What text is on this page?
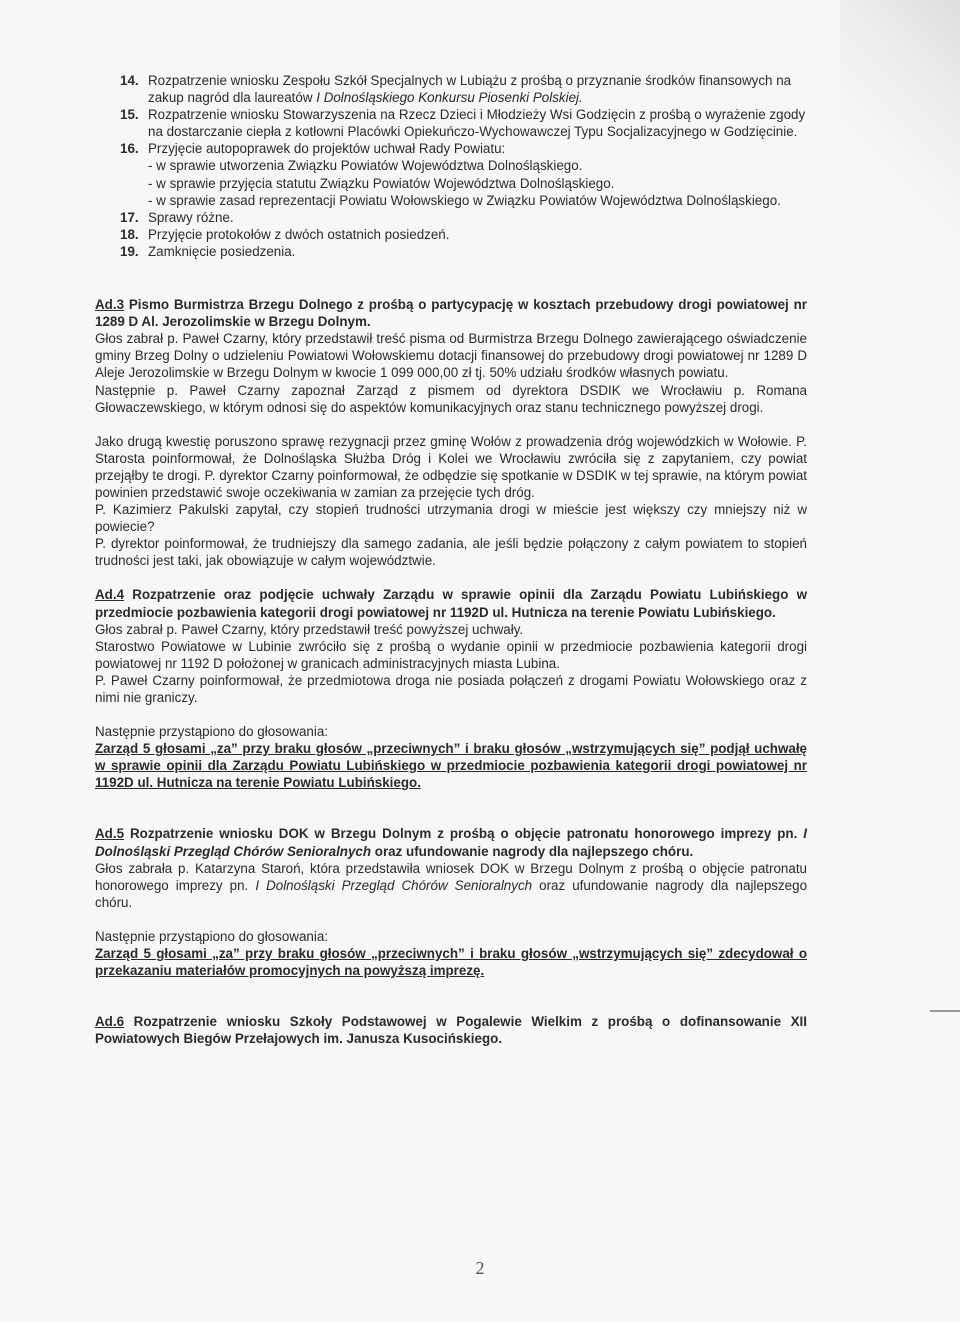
14. Rozpatrzenie wniosku Zespołu Szkół Specjalnych w Lubiążu z prośbą o przyznanie środków finansowych na zakup nagród dla laureatów I Dolnośląskiego Konkursu Piosenki Polskiej.
15. Rozpatrzenie wniosku Stowarzyszenia na Rzecz Dzieci i Młodzieży Wsi Godzięcin z prośbą o wyrażenie zgody na dostarczanie ciepła z kotłowni Placówki Opiekuńczo-Wychowawczej Typu Socjalizacyjnego w Godzięcinie.
16. Przyjęcie autopoprawek do projektów uchwał Rady Powiatu:

- w sprawie utworzenia Związku Powiatów Województwa Dolnośląskiego.

- w sprawie przyjęcia statutu Związku Powiatów Województwa Dolnośląskiego.

- w sprawie zasad reprezentacji Powiatu Wołowskiego w Związku Powiatów Województwa Dolnośląskiego.

17. Sprawy różne.
18. Przyjęcie protokołów z dwóch ostatnich posiedzeń.
19. Zamknięcie posiedzenia.

Ad.3 Pismo Burmistrza Brzegu Dolnego z prośbą o partycypację w kosztach przebudowy drogi powiatowej nr 1289 D Al. Jerozolimskie w Brzegu Dolnym.

Głos zabrał p. Paweł Czarny, który przedstawił treść pisma od Burmistrza Brzegu Dolnego zawierającego oświadczenie gminy Brzeg Dolny o udzieleniu Powiatowi Wołowskiemu dotacji finansowej do przebudowy drogi powiatowej nr 1289 D Aleje Jerozolimskie w Brzegu Dolnym w kwocie 1 099 000,00 zł tj. 50% udziału środków własnych powiatu.

Następnie p. Paweł Czarny zapoznał Zarząd z pismem od dyrektora DSDIK we Wrocławiu p. Romana Głowaczewskiego, w którym odnosi się do aspektów komunikacyjnych oraz stanu technicznego powyższej drogi.

Jako drugą kwestię poruszono sprawę rezygnacji przez gminę Wołów z prowadzenia dróg wojewódzkich w Wołowie. P. Starosta poinformował, że Dolnośląska Służba Dróg i Kolei we Wrocławiu zwróciła się z zapytaniem, czy powiat przejąłby te drogi. P. dyrektor Czarny poinformował, że odbędzie się spotkanie w DSDIK w tej sprawie, na którym powiat powinien przedstawić swoje oczekiwania w zamian za przejęcie tych dróg.

P. Kazimierz Pakulski zapytał, czy stopień trudności utrzymania drogi w mieście jest większy czy mniejszy niż w powiecie?

P. dyrektor poinformował, że trudniejszy dla samego zadania, ale jeśli będzie połączony z całym powiatem to stopień trudności jest taki, jak obowiązuje w całym województwie.

Ad.4 Rozpatrzenie oraz podjęcie uchwały Zarządu w sprawie opinii dla Zarządu Powiatu Lubińskiego w przedmiocie pozbawienia kategorii drogi powiatowej nr 1192D ul. Hutnicza na terenie Powiatu Lubińskiego.

Głos zabrał p. Paweł Czarny, który przedstawił treść powyższej uchwały.

Starostwo Powiatowe w Lubinie zwróciło się z prośbą o wydanie opinii w przedmiocie pozbawienia kategorii drogi powiatowej nr 1192 D położonej w granicach administracyjnych miasta Lubina.

P. Paweł Czarny poinformował, że przedmiotowa droga nie posiada połączeń z drogami Powiatu Wołowskiego oraz z nimi nie graniczy.

Następnie przystąpiono do głosowania:

Zarząd 5 głosami „za” przy braku głosów „przeciwnych” i braku głosów „wstrzymujących się” podjął uchwałę w sprawie opinii dla Zarządu Powiatu Lubińskiego w przedmiocie pozbawienia kategorii drogi powiatowej nr 1192D ul. Hutnicza na terenie Powiatu Lubińskiego.

Ad.5 Rozpatrzenie wniosku DOK w Brzegu Dolnym z prośbą o objęcie patronatu honorowego imprezy pn. I Dolnośląski Przegląd Chórów Senioralnych oraz ufundowanie nagrody dla najlepszego chóru.

Głos zabrała p. Katarzyna Staroń, która przedstawiła wniosek DOK w Brzegu Dolnym z prośbą o objęcie patronatu honorowego imprezy pn. I Dolnośląski Przegląd Chórów Senioralnych oraz ufundowanie nagrody dla najlepszego chóru.

Następnie przystąpiono do głosowania:

Zarząd 5 głosami „za” przy braku głosów „przeciwnych” i braku głosów „wstrzymujących się” zdecydował o przekazaniu materiałów promocyjnych na powyższą imprezę.

Ad.6 Rozpatrzenie wniosku Szkoły Podstawowej w Pogalewie Wielkim z prośbą o dofinansowanie XII Powiatowych Biegów Przełajowych im. Janusza Kusocińskiego.

2
